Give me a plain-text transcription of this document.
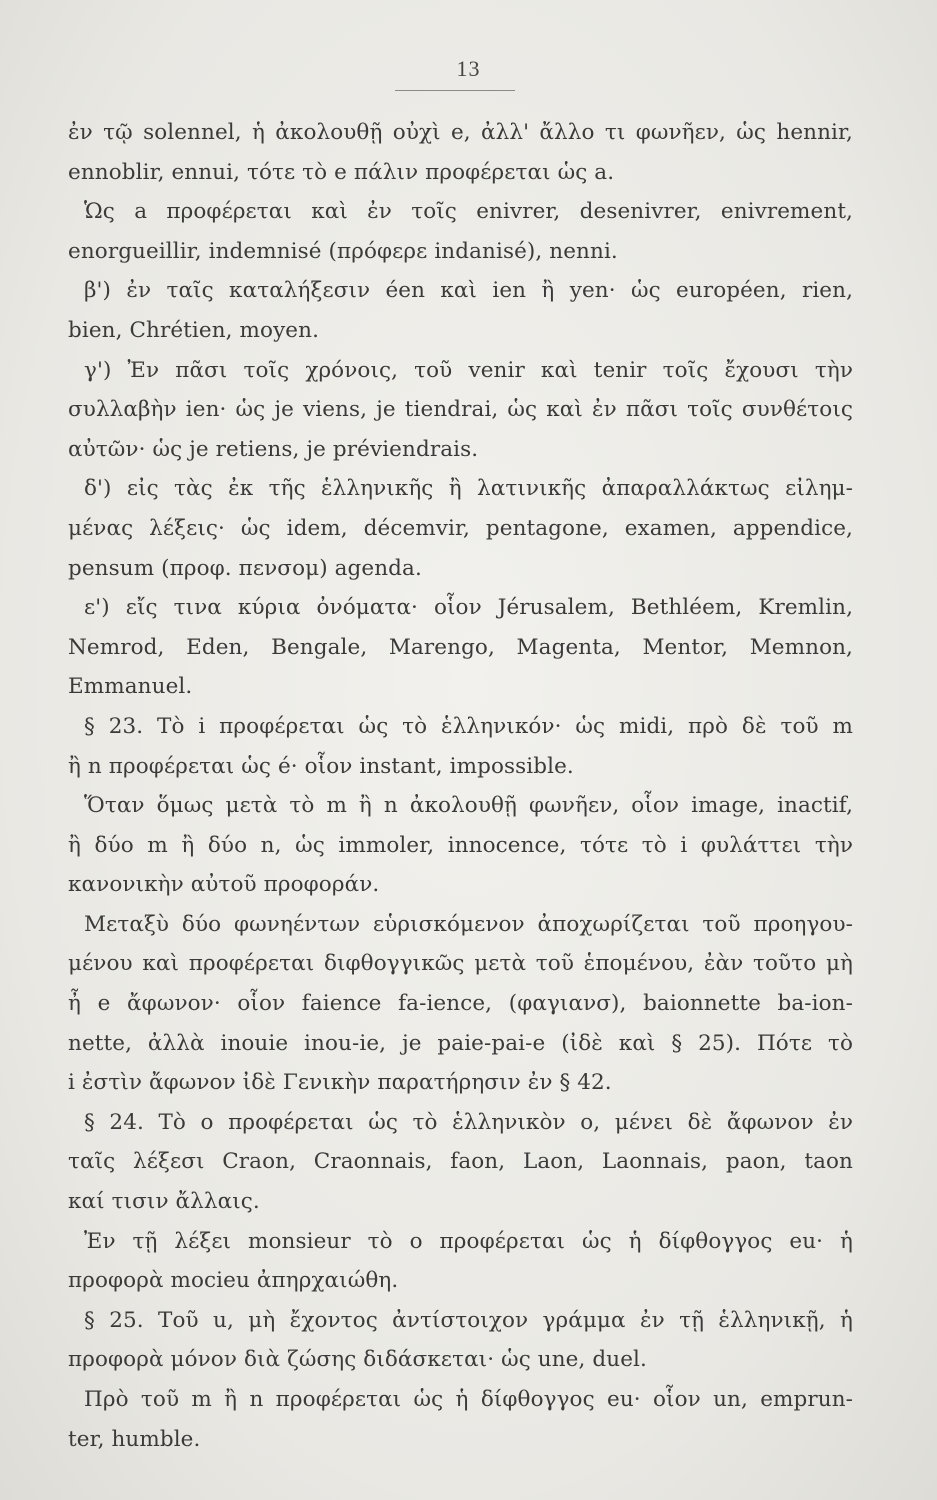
13
ἐν τῷ solennel, ἡ ἀκολουθῇ οὐχὶ e, ἀλλ' ἄλλο τι φωνῆεν, ὡς hennir,
ennoblir, ennui, τότε τὸ e πάλιν προφέρεται ὡς a.
Ὡς a προφέρεται καὶ ἐν τοῖς enivrer, desenivrer, enivrement,
enorgueillir, indemnisé (πρόφερε indanisé), nenni.
β') ἐν ταῖς καταλήξεσιν éen καὶ ien ἢ yen· ὡς européen, rien,
bien, Chrétien, moyen.
γ') Ἐν πᾶσι τοῖς χρόνοις, τοῦ venir καὶ tenir τοῖς ἔχουσι τὴν
συλλαβὴν ien· ὡς je viens, je tiendrai, ὡς καὶ ἐν πᾶσι τοῖς συνθέτοις
αὐτῶν· ὡς je retiens, je préviendrais.
δ') εἰς τὰς ἐκ τῆς ἑλληνικῆς ἢ λατινικῆς ἀπαραλλάκτως εἰλημ-
μένας λέξεις· ὡς idem, décemvir, pentagone, examen, appendice,
pensum (προφ. πενσομ) agenda.
ε') εἴς τινα κύρια ὀνόματα· οἷον Jérusalem, Bethléem, Kremlin,
Nemrod, Eden, Bengale, Marengo, Magenta, Mentor, Memnon,
Emmanuel.
§ 23. Τὸ i προφέρεται ὡς τὸ ἑλληνικόν· ὡς midi, πρὸ δὲ τοῦ m
ἢ n προφέρεται ὡς é· οἷον instant, impossible.
Ὅταν ὅμως μετὰ τὸ m ἢ n ἀκολουθῇ φωνῆεν, οἷον image, inactif,
ἢ δύο m ἢ δύο n, ὡς immoler, innocence, τότε τὸ i φυλάττει τὴν
κανονικὴν αὐτοῦ προφοράν.
Μεταξὺ δύο φωνηέντων εὑρισκόμενον ἀποχωρίζεται τοῦ προηγου-
μένου καὶ προφέρεται διφθογγικῶς μετὰ τοῦ ἑπομένου, ἐὰν τοῦτο μὴ
ἦ e ἄφωνον· οἷον faience fa-ience, (φαγιανσ), baionnette ba-ion-
nette, ἀλλὰ inouie inou-ie, je paie-pai-e (ἰδὲ καὶ § 25). Πότε τὸ
i ἐστὶν ἄφωνον ἰδὲ Γενικὴν παρατήρησιν ἐν § 42.
§ 24. Τὸ o προφέρεται ὡς τὸ ἑλληνικὸν o, μένει δὲ ἄφωνον ἐν
ταῖς λέξεσι Craon, Craonnais, faon, Laon, Laonnais, paon, taon
καί τισιν ἄλλαις.
Ἐν τῇ λέξει monsieur τὸ o προφέρεται ὡς ἡ δίφθογγος eu· ἡ
προφορὰ mocieu ἀπηρχαιώθη.
§ 25. Τοῦ u, μὴ ἔχοντος ἀντίστοιχον γράμμα ἐν τῇ ἑλληνικῇ, ἡ
προφορὰ μόνον διὰ ζώσης διδάσκεται· ὡς une, duel.
Πρὸ τοῦ m ἢ n προφέρεται ὡς ἡ δίφθογγος eu· οἷον un, emprun-
ter, humble.
